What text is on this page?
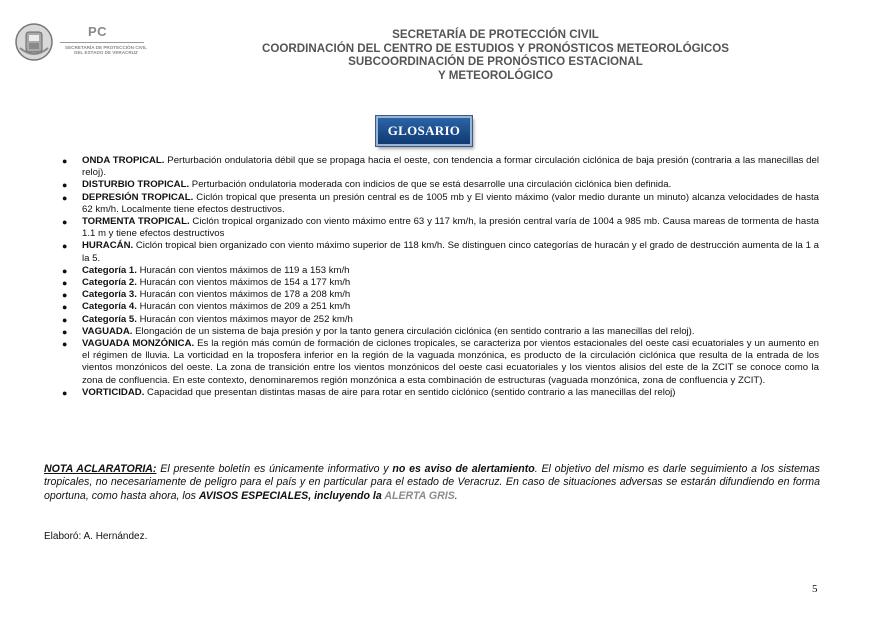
PC
SECRETARÍA DE PROTECCIÓN CIVIL DEL ESTADO DE VERACRUZ
SECRETARÍA DE PROTECCIÓN CIVIL
COORDINACIÓN DEL CENTRO DE ESTUDIOS Y PRONÓSTICOS METEOROLÓGICOS
SUBCOORDINACIÓN DE PRONÓSTICO ESTACIONAL
Y METEOROLÓGICO
GLOSARIO
● ONDA TROPICAL. Perturbación ondulatoria débil que se propaga hacia el oeste, con tendencia a formar circulación ciclónica de baja presión (contraria a las manecillas del reloj).
● DISTURBIO TROPICAL. Perturbación ondulatoria moderada con indicios de que se está desarrolle una circulación ciclónica bien definida.
● DEPRESIÓN TROPICAL. Ciclón tropical que presenta un presión central es de 1005 mb y El viento máximo (valor medio durante un minuto) alcanza velocidades de hasta 62 km/h. Localmente tiene efectos destructivos.
● TORMENTA TROPICAL. Ciclón tropical organizado con viento máximo entre 63 y 117 km/h, la presión central varía de 1004 a 985 mb. Causa mareas de tormenta de hasta 1.1 m y tiene efectos destructivos
● HURACÁN. Ciclón tropical bien organizado con viento máximo superior de 118 km/h. Se distinguen cinco categorías de huracán y el grado de destrucción aumenta de la 1 a la 5.
● Categoría 1. Huracán con vientos máximos de 119 a 153 km/h
● Categoría 2. Huracán con vientos máximos de 154 a 177 km/h
● Categoría 3. Huracán con vientos máximos de 178 a 208 km/h
● Categoría 4. Huracán con vientos máximos de 209 a 251 km/h
● Categoría 5. Huracán con vientos máximos mayor de 252 km/h
● VAGUADA. Elongación de un sistema de baja presión y por la tanto genera circulación ciclónica (en sentido contrario a las manecillas del reloj).
● VAGUADA MONZÓNICA. Es la región más común de formación de ciclones tropicales, se caracteriza por vientos estacionales del oeste casi ecuatoriales y un aumento en el régimen de lluvia. La vorticidad en la troposfera inferior en la región de la vaguada monzónica, es producto de la circulación ciclónica que resulta de la entrada de los vientos monzónicos del oeste. La zona de transición entre los vientos monzónicos del oeste casi ecuatoriales y los vientos alisios del este de la ZCIT se conoce como la zona de confluencia. En este contexto, denominaremos región monzónica a esta combinación de estructuras (vaguada monzónica, zona de confluencia y ZCIT).
● VORTICIDAD. Capacidad que presentan distintas masas de aire para rotar en sentido ciclónico (sentido contrario a las manecillas del reloj)
NOTA ACLARATORIA: El presente boletín es únicamente informativo y no es aviso de alertamiento. El objetivo del mismo es darle seguimiento a los sistemas tropicales, no necesariamente de peligro para el país y en particular para el estado de Veracruz. En caso de situaciones adversas se estarán difundiendo en forma oportuna, como hasta ahora, los AVISOS ESPECIALES, incluyendo la ALERTA GRIS.
Elaboró: A. Hernández.
5
